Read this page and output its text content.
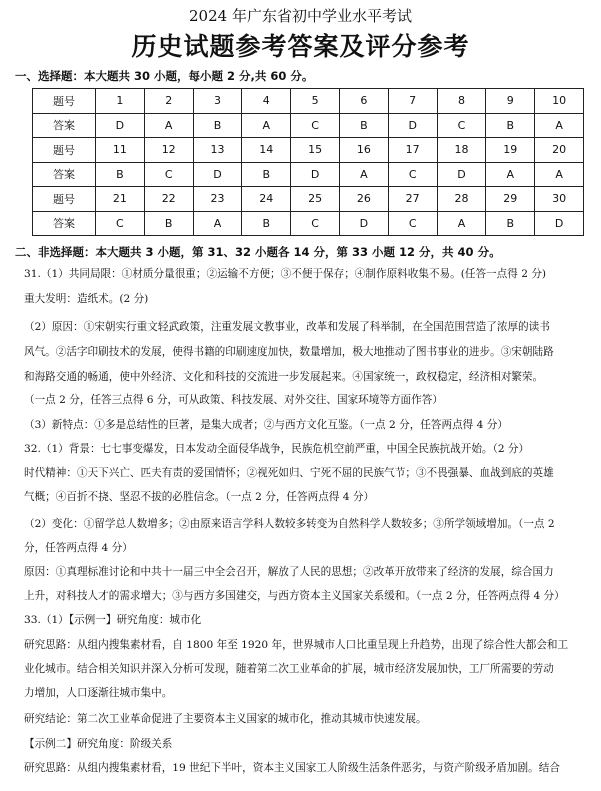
2024 年广东省初中学业水平考试
历史试题参考答案及评分参考
一、选择题：本大题共 30 小题，每小题 2 分,共 60 分。
题号	1	2	3	4	5	6	7	8	9	10
答案	D	A	B	A	C	B	D	C	B	A
题号	11	12	13	14	15	16	17	18	19	20
答案	B	C	D	B	D	A	C	D	A	A
题号	21	22	23	24	25	26	27	28	29	30
答案	C	B	A	B	C	D	C	A	B	D
二、非选择题：本大题共 3 小题，第 31、32 小题各 14 分，第 33 小题 12 分，共 40 分。
31.（1）共同局限：①材质分量很重；②运输不方便；③不便于保存；④制作原料收集不易。(任答一点得 2 分)
重大发明：造纸术。(2 分)
（2）原因：①宋朝实行重文轻武政策，注重发展文教事业，改革和发展了科举制，在全国范围营造了浓厚的读书
风气。②活字印刷技术的发展，使得书籍的印刷速度加快，数量增加，极大地推动了图书事业的进步。③宋朝陆路
和海路交通的畅通，使中外经济、文化和科技的交流进一步发展起来。④国家统一，政权稳定，经济相对繁荣。
（一点 2 分，任答三点得 6 分，可从政策、科技发展、对外交往、国家环境等方面作答）
（3）新特点：①多是总结性的巨著，是集大成者；②与西方文化互鉴。（一点 2 分，任答两点得 4 分）
32.（1）背景：七七事变爆发，日本发动全面侵华战争，民族危机空前严重，中国全民族抗战开始。（2 分）
时代精神：①天下兴亡、匹夫有责的爱国情怀；②视死如归、宁死不屈的民族气节；③不畏强暴、血战到底的英雄
气概；④百折不挠、坚忍不拔的必胜信念。（一点 2 分，任答两点得 4 分）
（2）变化：①留学总人数增多；②由原来语言学科人数较多转变为自然科学人数较多；③所学领域增加。（一点 2
分，任答两点得 4 分）
原因：①真理标准讨论和中共十一届三中全会召开，解放了人民的思想；②改革开放带来了经济的发展，综合国力
上升，对科技人才的需求增大；③与西方多国建交，与西方资本主义国家关系缓和。（一点 2 分，任答两点得 4 分）
33.（1）【示例一】研究角度：城市化
研究思路：从组内搜集素材看，自 1800 年至 1920 年，世界城市人口比重呈现上升趋势，出现了综合性大都会和工
业化城市。结合相关知识并深入分析可发现，随着第二次工业革命的扩展，城市经济发展加快，工厂所需要的劳动
力增加，人口逐渐往城市集中。
研究结论：第二次工业革命促进了主要资本主义国家的城市化，推动其城市快速发展。
【示例二】研究角度：阶级关系
研究思路：从组内搜集素材看，19 世纪下半叶，资本主义国家工人阶级生活条件恶劣，与资产阶级矛盾加剧。结合
